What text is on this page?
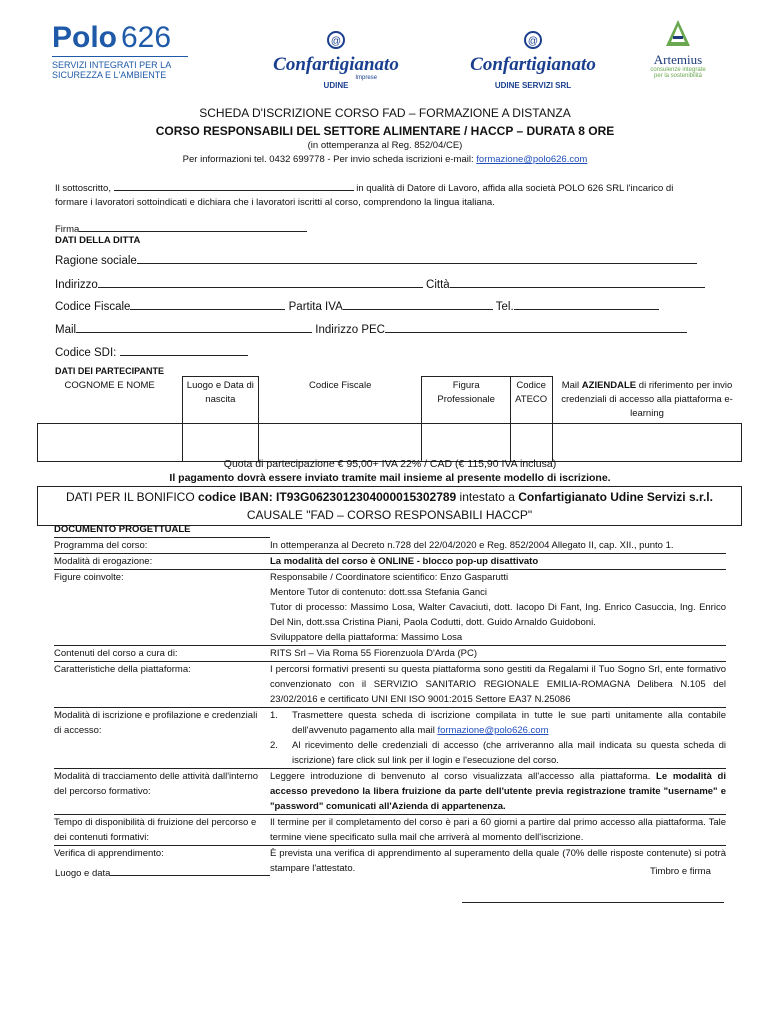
Polo 626
SERVIZI INTEGRATI PER LA
SICUREZZA E L'AMBIENTE
@
Confartigianato
Imprese
UDINE
@
Confartigianato
UDINE SERVIZI SRL
Artemius
consulenze integrate
per la sostenibilità
SCHEDA D'ISCRIZIONE CORSO FAD – FORMAZIONE A DISTANZA
CORSO RESPONSABILI DEL SETTORE ALIMENTARE / HACCP – DURATA 8 ORE
(in ottemperanza al Reg. 852/04/CE)
Per informazioni tel. 0432 699778 - Per invio scheda iscrizioni e-mail: formazione@polo626.com
Il sottoscritto,	in qualità di Datore di Lavoro, affida alla società POLO 626 SRL l'incarico di
formare i lavoratori sottoindicati e dichiara che i lavoratori iscritti al corso, comprendono la lingua italiana.
Firma
DATI DELLA DITTA
Ragione sociale
Indirizzo	Città
Codice Fiscale	Partita IVA	Tel.
Mail	Indirizzo PEC
Codice SDI:
DATI DEI PARTECIPANTE
COGNOME E NOME	Luogo e Data di nascita	Codice Fiscale	Figura Professionale	Codice ATECO	Mail AZIENDALE di riferimento per invio credenziali di accesso alla piattaforma e-learning

Quota di partecipazione € 95,00+ IVA 22% / CAD (€ 115,90 IVA inclusa)
Il pagamento dovrà essere inviato tramite mail insieme al presente modello di iscrizione.
DATI PER IL BONIFICO codice IBAN: IT93G0623012304000015302789 intestato a Confartigianato Udine Servizi s.r.l.
CAUSALE "FAD – CORSO RESPONSABILI HACCP"
DOCUMENTO PROGETTUALE	
Programma del corso:	In ottemperanza al Decreto n.728 del 22/04/2020 e Reg. 852/2004 Allegato II, cap. XII., punto 1.
Modalità di erogazione:	La modalità del corso è ONLINE - blocco pop-up disattivato
Figure coinvolte:	Responsabile / Coordinatore scientifico: Enzo Gasparutti
Mentore Tutor di contenuto: dott.ssa Stefania Ganci
Tutor di processo: Massimo Losa, Walter Cavaciuti, dott. Iacopo Di Fant, Ing. Enrico Casuccia, Ing. Enrico Del Nin, dott.ssa Cristina Piani, Paola Codutti, dott. Guido Arnaldo Guidoboni.
Sviluppatore della piattaforma: Massimo Losa

Contenuti del corso a cura di:	RITS Srl – Via Roma 55 Fiorenzuola D'Arda (PC)
Caratteristiche della piattaforma:	I percorsi formativi presenti su questa piattaforma sono gestiti da Regalami il Tuo Sogno Srl, ente formativo convenzionato con il SERVIZIO SANITARIO REGIONALE EMILIA-ROMAGNA Delibera N.105 del 23/02/2016 e certificato UNI ENI ISO 9001:2015 Settore EA37 N.25086
Modalità di iscrizione e profilazione e credenziali di accesso:	1. Trasmettere questa scheda di iscrizione compilata in tutte le sue parti unitamente alla contabile dell'avvenuto pagamento alla mail formazione@polo626.com
2. Al ricevimento delle credenziali di accesso (che arriveranno alla mail indicata su questa scheda di iscrizione) fare click sul link per il login e l'esecuzione del corso.

Modalità di tracciamento delle attività dall'interno del percorso formativo:	Leggere introduzione di benvenuto al corso visualizzata all'accesso alla piattaforma. Le modalità di accesso prevedono la libera fruizione da parte dell'utente previa registrazione tramite "username" e "password" comunicati all'Azienda di appartenenza.
Tempo di disponibilità di fruizione del percorso e dei contenuti formativi:	Il termine per il completamento del corso è pari a 60 giorni a partire dal primo accesso alla piattaforma. Tale termine viene specificato sulla mail che arriverà al momento dell'iscrizione.
Verifica di apprendimento:	È prevista una verifica di apprendimento al superamento della quale (70% delle risposte contenute) si potrà stampare l'attestato.
Luogo e data	Timbro e firma
